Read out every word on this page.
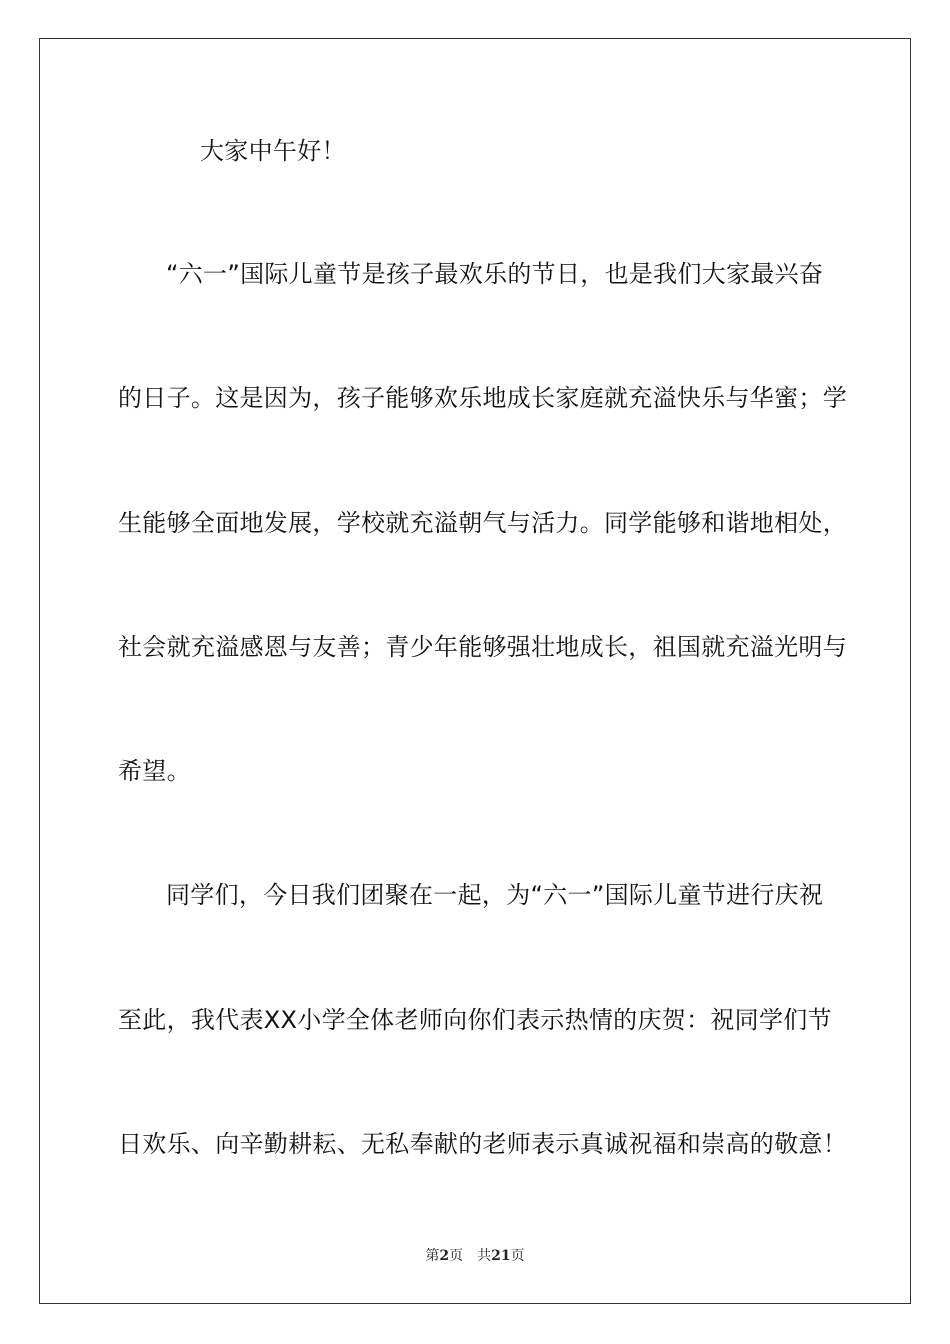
大家中午好！
“六一”国际儿童节是孩子最欢乐的节日，也是我们大家最兴奋
的日子。这是因为，孩子能够欢乐地成长家庭就充溢快乐与华蜜；学
生能够全面地发展，学校就充溢朝气与活力。同学能够和谐地相处，
社会就充溢感恩与友善；青少年能够强壮地成长，祖国就充溢光明与
希望。
同学们，今日我们团聚在一起，为“六一”国际儿童节进行庆祝
至此，我代表XX小学全体老师向你们表示热情的庆贺：祝同学们节
日欢乐、向辛勤耕耘、无私奉献的老师表示真诚祝福和崇高的敬意！
第2页 共21页
